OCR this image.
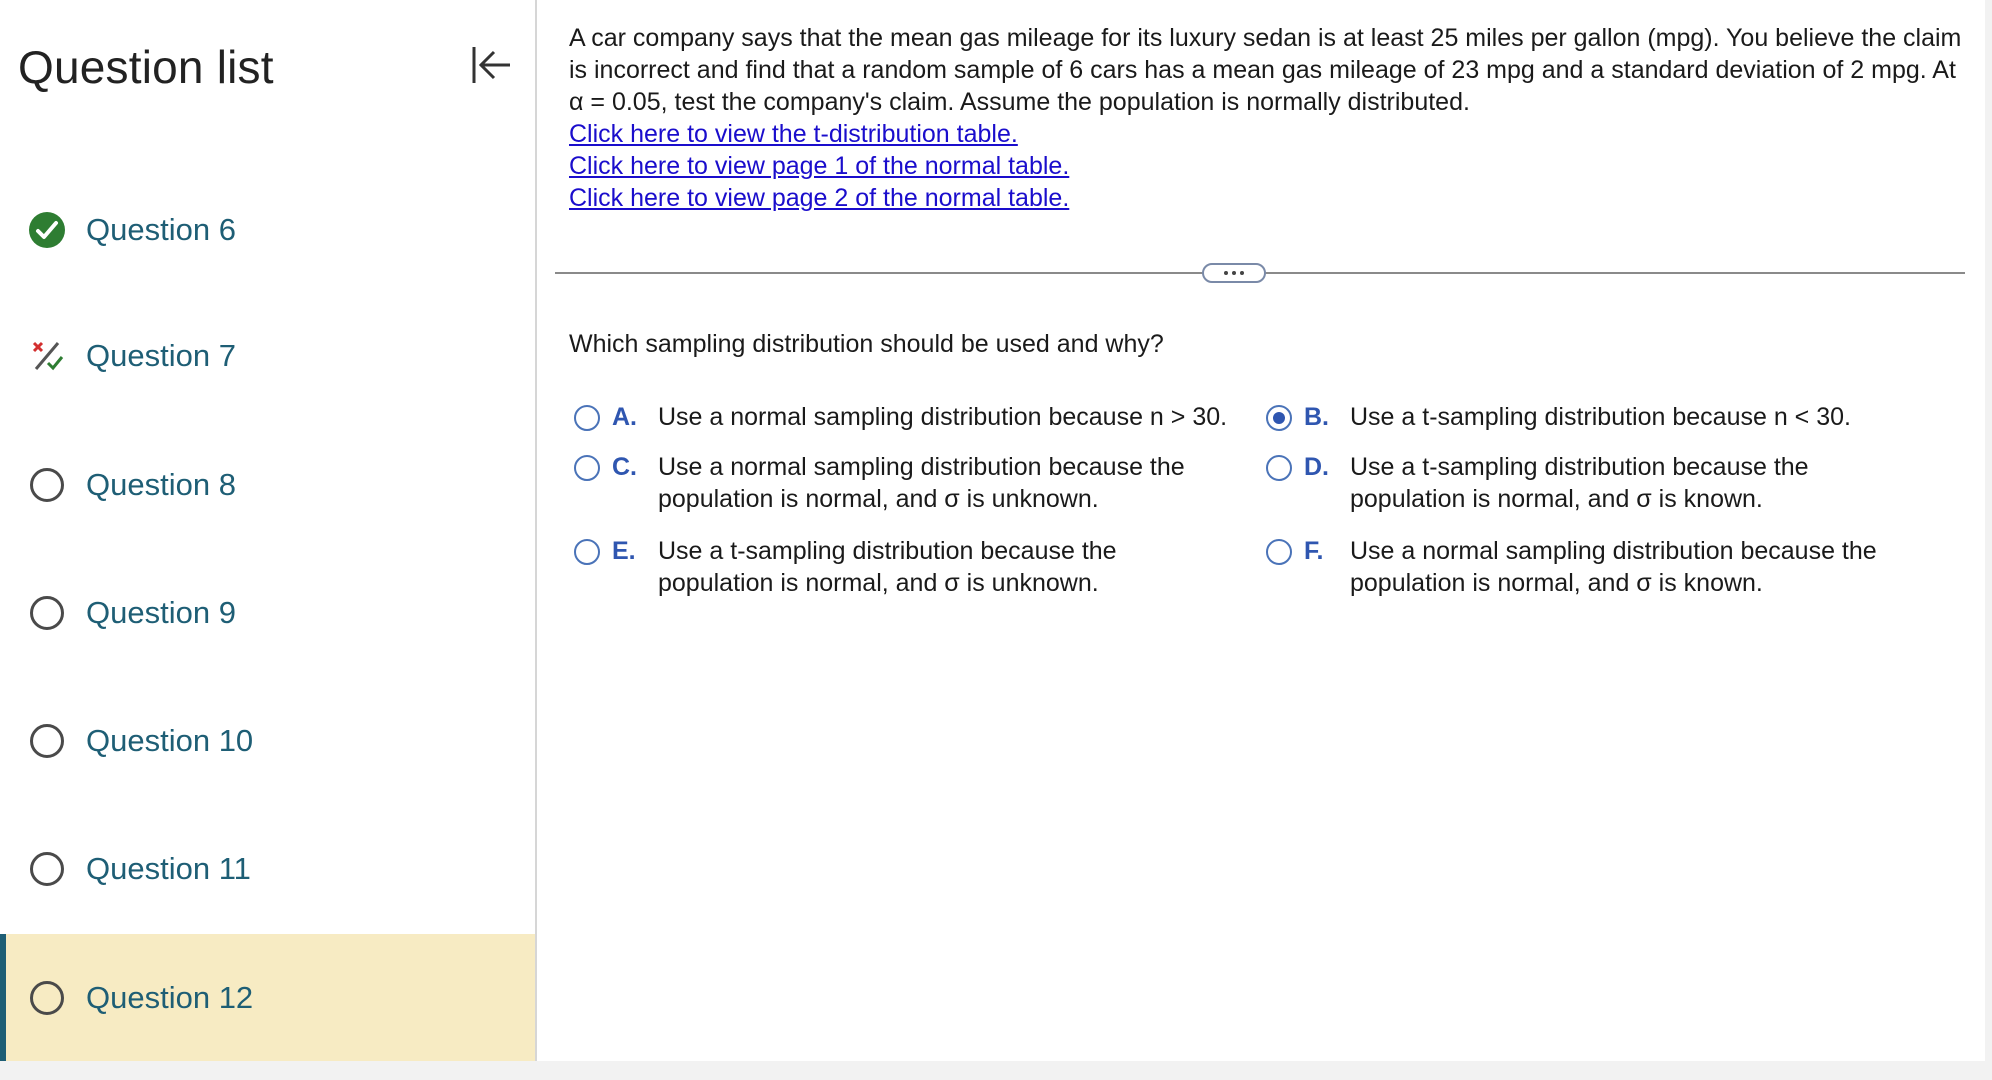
Question list
Question 6
Question 7
Question 8
Question 9
Question 10
Question 11
Question 12
A car company says that the mean gas mileage for its luxury sedan is at least 25 miles per gallon (mpg). You believe the claim is incorrect and find that a random sample of 6 cars has a mean gas mileage of 23 mpg and a standard deviation of 2 mpg. At α = 0.05, test the company's claim. Assume the population is normally distributed.
Click here to view the t-distribution table.
Click here to view page 1 of the normal table.
Click here to view page 2 of the normal table.
Which sampling distribution should be used and why?
A. Use a normal sampling distribution because n > 30.	B. Use a t-sampling distribution because n < 30.
C. Use a normal sampling distribution because the
population is normal, and σ is unknown.
D. Use a t-sampling distribution because the
population is normal, and σ is known.
E. Use a t-sampling distribution because the
population is normal, and σ is unknown.
F. Use a normal sampling distribution because the
population is normal, and σ is known.
